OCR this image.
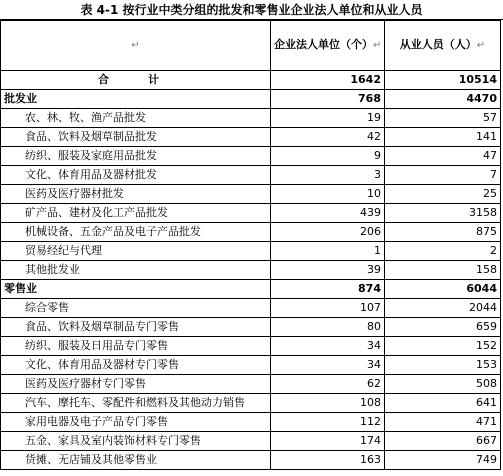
表 4-1 按行业中类分组的批发和零售业企业法人单位和从业人员
↵	企业法人单位（个）↵	从业人员（人）↵
合　计	1642	10514
批发业	768	4470
农、林、牧、渔产品批发	19	57
食品、饮料及烟草制品批发	42	141
纺织、服装及家庭用品批发	9	47
文化、体育用品及器材批发	3	7
医药及医疗器材批发	10	25
矿产品、建材及化工产品批发	439	3158
机械设备、五金产品及电子产品批发	206	875
贸易经纪与代理	1	2
其他批发业	39	158
零售业	874	6044
综合零售	107	2044
食品、饮料及烟草制品专门零售	80	659
纺织、服装及日用品专门零售	34	152
文化、体育用品及器材专门零售	34	153
医药及医疗器材专门零售	62	508
汽车、摩托车、零配件和燃料及其他动力销售	108	641
家用电器及电子产品专门零售	112	471
五金、家具及室内装饰材料专门零售	174	667
货摊、无店铺及其他零售业	163	749
